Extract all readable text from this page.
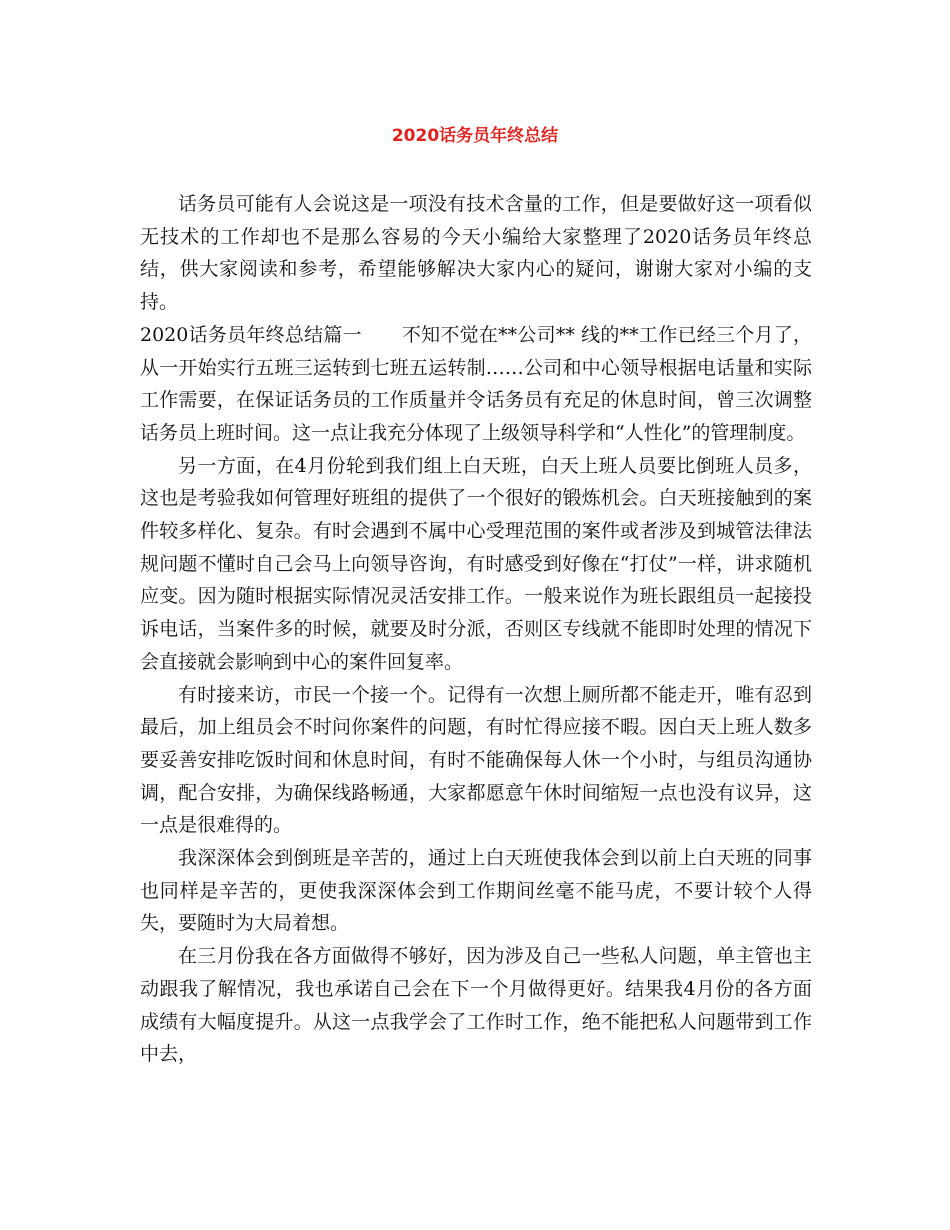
2020话务员年终总结

话务员可能有人会说这是一项没有技术含量的工作，但是要做好这一项看似无技术的工作却也不是那么容易的今天小编给大家整理了2020话务员年终总结，供大家阅读和参考，希望能够解决大家内心的疑问，谢谢大家对小编的支持。

2020话务员年终总结篇一 不知不觉在**公司** 线的**工作已经三个月了，从一开始实行五班三运转到七班五运转制……公司和中心领导根据电话量和实际工作需要，在保证话务员的工作质量并令话务员有充足的休息时间，曾三次调整话务员上班时间。这一点让我充分体现了上级领导科学和“人性化”的管理制度。

另一方面，在4月份轮到我们组上白天班，白天上班人员要比倒班人员多，这也是考验我如何管理好班组的提供了一个很好的锻炼机会。白天班接触到的案件较多样化、复杂。有时会遇到不属中心受理范围的案件或者涉及到城管法律法规问题不懂时自己会马上向领导咨询，有时感受到好像在“打仗”一样，讲求随机应变。因为随时根据实际情况灵活安排工作。一般来说作为班长跟组员一起接投诉电话，当案件多的时候，就要及时分派，否则区专线就不能即时处理的情况下会直接就会影响到中心的案件回复率。

有时接来访，市民一个接一个。记得有一次想上厕所都不能走开，唯有忍到最后，加上组员会不时问你案件的问题，有时忙得应接不暇。因白天上班人数多要妥善安排吃饭时间和休息时间，有时不能确保每人休一个小时，与组员沟通协调，配合安排，为确保线路畅通，大家都愿意午休时间缩短一点也没有议异，这一点是很难得的。

我深深体会到倒班是辛苦的，通过上白天班使我体会到以前上白天班的同事也同样是辛苦的，更使我深深体会到工作期间丝毫不能马虎，不要计较个人得失，要随时为大局着想。

在三月份我在各方面做得不够好，因为涉及自己一些私人问题，单主管也主动跟我了解情况，我也承诺自己会在下一个月做得更好。结果我4月份的各方面成绩有大幅度提升。从这一点我学会了工作时工作，绝不能把私人问题带到工作中去，
